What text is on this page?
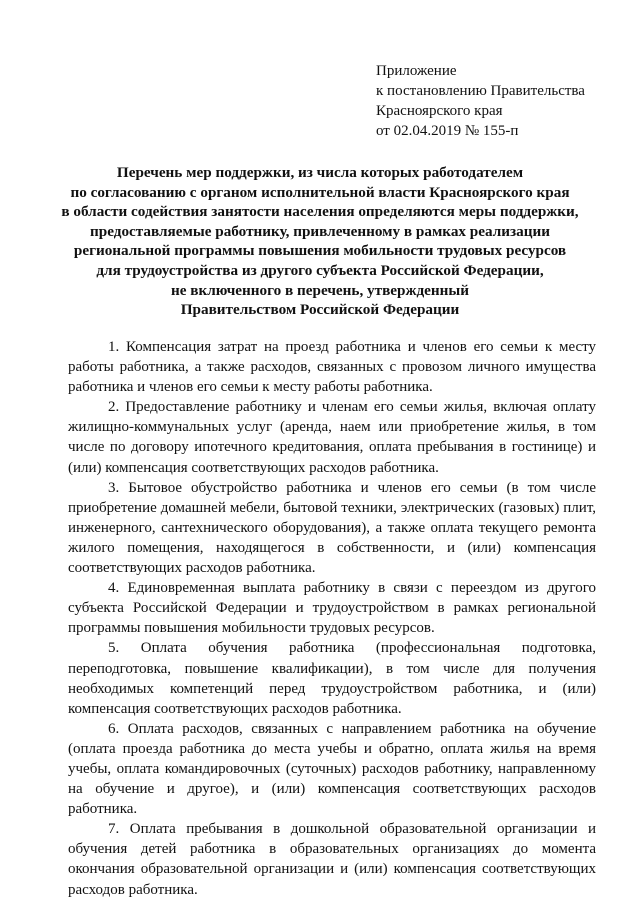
Приложение
к постановлению Правительства
Красноярского края
от 02.04.2019 № 155-п
Перечень мер поддержки, из числа которых работодателем
по согласованию с органом исполнительной власти Красноярского края
в области содействия занятости населения определяются меры поддержки,
предоставляемые работнику, привлеченному в рамках реализации
региональной программы повышения мобильности трудовых ресурсов
для трудоустройства из другого субъекта Российской Федерации,
не включенного в перечень, утвержденный
Правительством Российской Федерации

1. Компенсация затрат на проезд работника и членов его семьи к месту работы работника, а также расходов, связанных с провозом личного имущества работника и членов его семьи к месту работы работника.

2. Предоставление работнику и членам его семьи жилья, включая оплату жилищно-коммунальных услуг (аренда, наем или приобретение жилья, в том числе по договору ипотечного кредитования, оплата пребывания в гостинице) и (или) компенсация соответствующих расходов работника.

3. Бытовое обустройство работника и членов его семьи (в том числе приобретение домашней мебели, бытовой техники, электрических (газовых) плит, инженерного, сантехнического оборудования), а также оплата текущего ремонта жилого помещения, находящегося в собственности, и (или) компенсация соответствующих расходов работника.

4. Единовременная выплата работнику в связи с переездом из другого субъекта Российской Федерации и трудоустройством в рамках региональной программы повышения мобильности трудовых ресурсов.

5. Оплата обучения работника (профессиональная подготовка, переподготовка, повышение квалификации), в том числе для получения необходимых компетенций перед трудоустройством работника, и (или) компенсация соответствующих расходов работника.

6. Оплата расходов, связанных с направлением работника на обучение (оплата проезда работника до места учебы и обратно, оплата жилья на время учебы, оплата командировочных (суточных) расходов работнику, направленному на обучение и другое), и (или) компенсация соответствующих расходов работника.

7. Оплата пребывания в дошкольной образовательной организации и обучения детей работника в образовательных организациях до момента окончания образовательной организации и (или) компенсация соответствующих расходов работника.
